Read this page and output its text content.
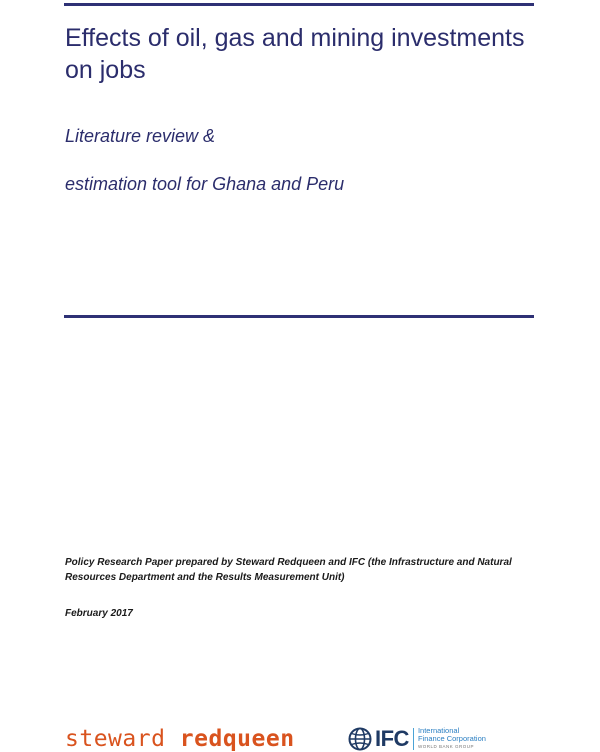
Effects of oil, gas and mining investments on jobs

Literature review &

estimation tool for Ghana and Peru

Policy Research Paper prepared by Steward Redqueen and IFC (the Infrastructure and Natural Resources Department and the Results Measurement Unit)

February 2017

steward redqueen	IFC International
Finance Corporation
WORLD BANK GROUP
